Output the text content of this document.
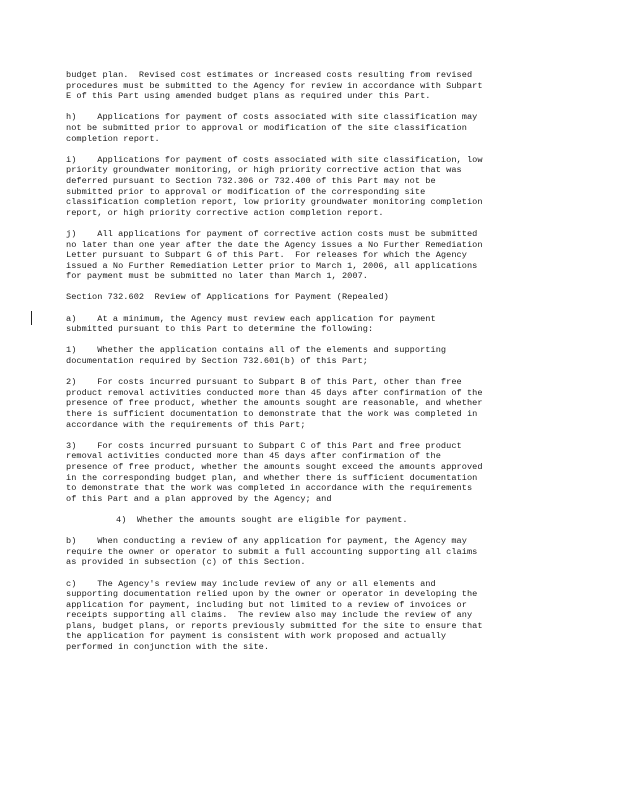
budget plan.  Revised cost estimates or increased costs resulting from revised
procedures must be submitted to the Agency for review in accordance with Subpart
E of this Part using amended budget plans as required under this Part.
h)    Applications for payment of costs associated with site classification may
not be submitted prior to approval or modification of the site classification
completion report.
i)    Applications for payment of costs associated with site classification, low
priority groundwater monitoring, or high priority corrective action that was
deferred pursuant to Section 732.306 or 732.400 of this Part may not be
submitted prior to approval or modification of the corresponding site
classification completion report, low priority groundwater monitoring completion
report, or high priority corrective action completion report.
j)    All applications for payment of corrective action costs must be submitted
no later than one year after the date the Agency issues a No Further Remediation
Letter pursuant to Subpart G of this Part.  For releases for which the Agency
issued a No Further Remediation Letter prior to March 1, 2006, all applications
for payment must be submitted no later than March 1, 2007.
Section 732.602  Review of Applications for Payment (Repealed)
a)    At a minimum, the Agency must review each application for payment
submitted pursuant to this Part to determine the following:
1)    Whether the application contains all of the elements and supporting
documentation required by Section 732.601(b) of this Part;
2)    For costs incurred pursuant to Subpart B of this Part, other than free
product removal activities conducted more than 45 days after confirmation of the
presence of free product, whether the amounts sought are reasonable, and whether
there is sufficient documentation to demonstrate that the work was completed in
accordance with the requirements of this Part;
3)    For costs incurred pursuant to Subpart C of this Part and free product
removal activities conducted more than 45 days after confirmation of the
presence of free product, whether the amounts sought exceed the amounts approved
in the corresponding budget plan, and whether there is sufficient documentation
to demonstrate that the work was completed in accordance with the requirements
of this Part and a plan approved by the Agency; and
4)  Whether the amounts sought are eligible for payment.
b)    When conducting a review of any application for payment, the Agency may
require the owner or operator to submit a full accounting supporting all claims
as provided in subsection (c) of this Section.
c)    The Agency's review may include review of any or all elements and
supporting documentation relied upon by the owner or operator in developing the
application for payment, including but not limited to a review of invoices or
receipts supporting all claims.  The review also may include the review of any
plans, budget plans, or reports previously submitted for the site to ensure that
the application for payment is consistent with work proposed and actually
performed in conjunction with the site.
